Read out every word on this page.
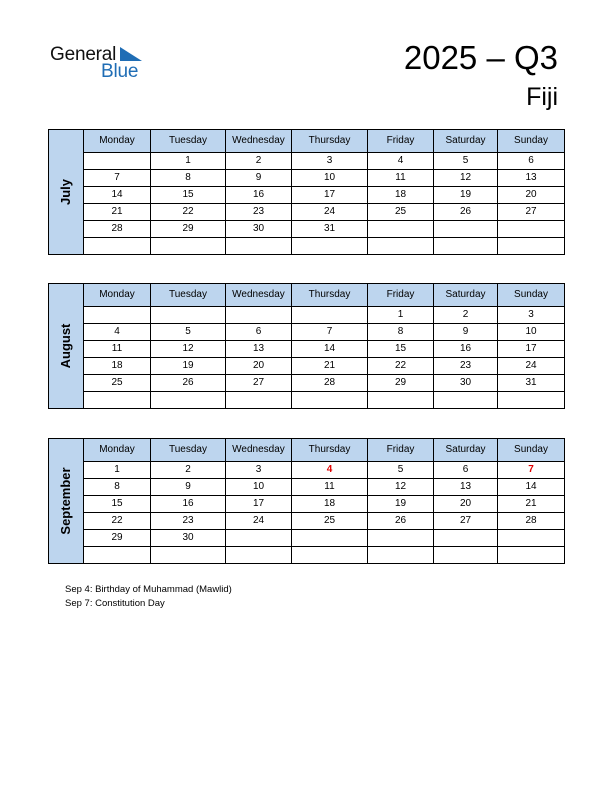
General
Blue	2025 – Q3
Fiji
July	Monday	Tuesday	Wednesday	Thursday	Friday	Saturday	Sunday
		1	2	3	4	5	6
	7	8	9	10	11	12	13
	14	15	16	17	18	19	20
	21	22	23	24	25	26	27
	28	29	30	31			

August	Monday	Tuesday	Wednesday	Thursday	Friday	Saturday	Sunday
					1	2	3
	4	5	6	7	8	9	10
	11	12	13	14	15	16	17
	18	19	20	21	22	23	24
	25	26	27	28	29	30	31

September	Monday	Tuesday	Wednesday	Thursday	Friday	Saturday	Sunday
	1	2	3	4	5	6	7
	8	9	10	11	12	13	14
	15	16	17	18	19	20	21
	22	23	24	25	26	27	28
	29	30					

Sep 4: Birthday of Muhammad (Mawlid)
Sep 7: Constitution Day
